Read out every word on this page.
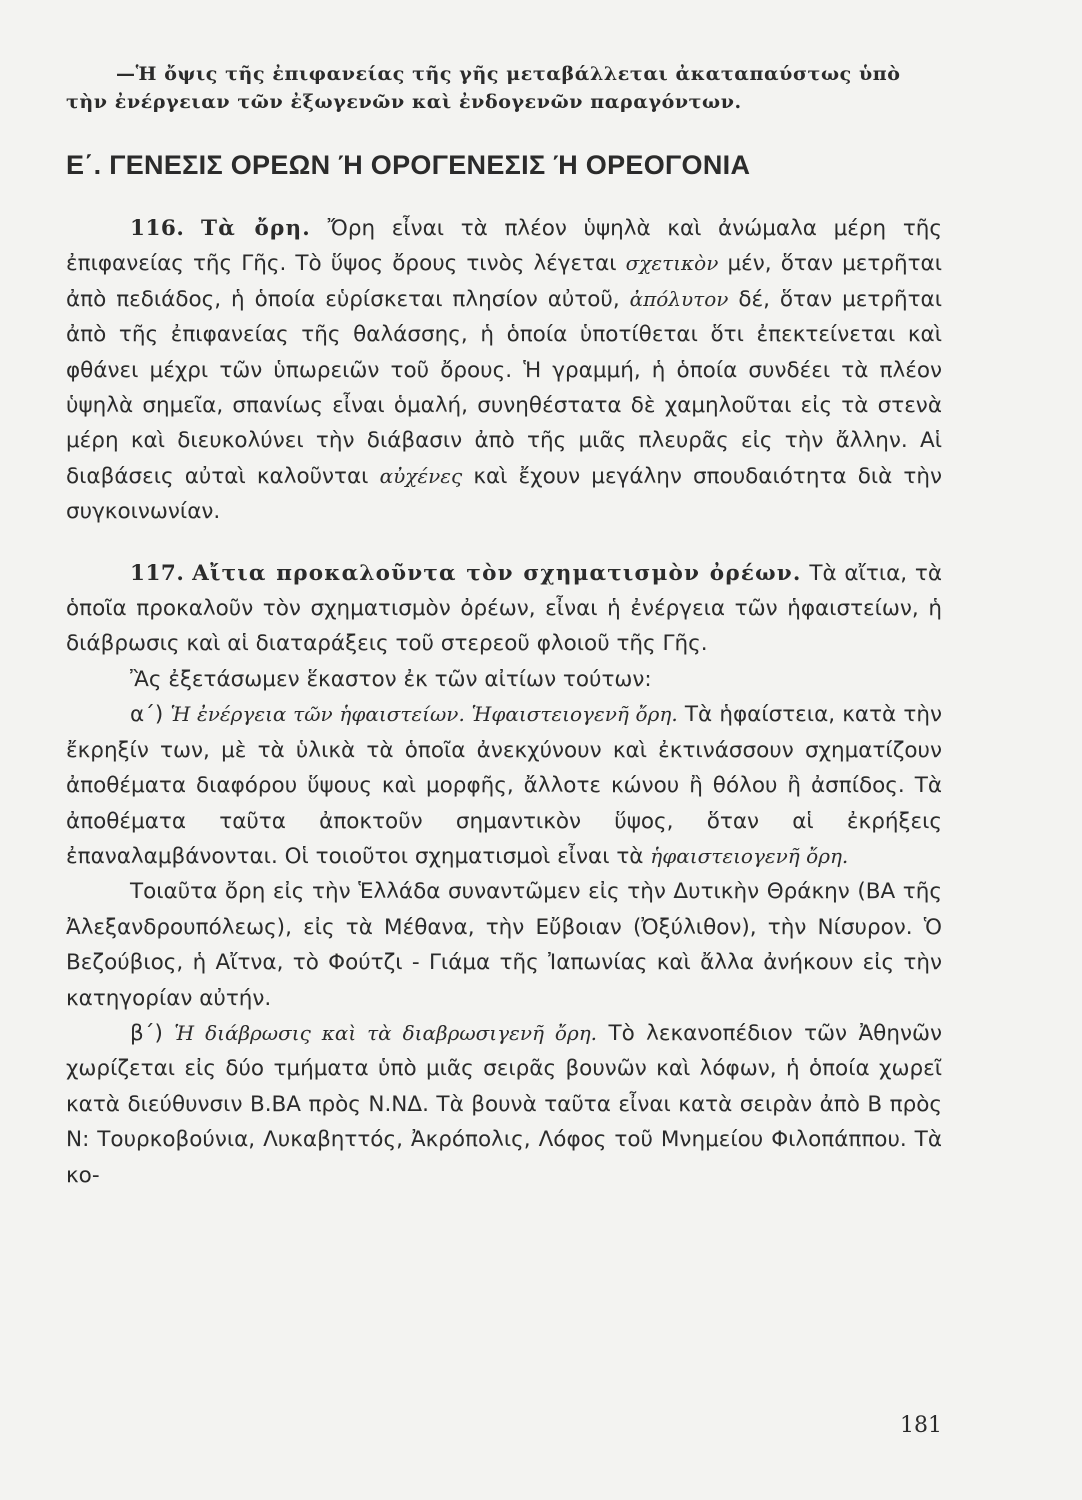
—Ἡ ὄψις τῆς ἐπιφανείας τῆς γῆς μεταβάλλεται ἀκαταπαύστως ὑπὸ
τὴν ἐνέργειαν τῶν ἐξωγενῶν καὶ ἐνδογενῶν παραγόντων.

Ε΄. ΓΕΝΕΣΙΣ ΟΡΕΩΝ Ή ΟΡΟΓΕΝΕΣΙΣ Ή ΟΡΕΟΓΟΝΙΑ

116. Τὰ ὄρη. Ὄρη εἶναι τὰ πλέον ὑψηλὰ καὶ ἀνώμαλα μέρη τῆς ἐπιφανείας τῆς Γῆς. Τὸ ὕψος ὄρους τινὸς λέγεται σχετικὸν μέν, ὅταν μετρῆται ἀπὸ πεδιάδος, ἡ ὁποία εὑρίσκεται πλησίον αὐτοῦ, ἀπόλυτον δέ, ὅταν μετρῆται ἀπὸ τῆς ἐπιφανείας τῆς θαλάσσης, ἡ ὁποία ὑποτίθεται ὅτι ἐπεκτείνεται καὶ φθάνει μέχρι τῶν ὑπωρειῶν τοῦ ὄρους. Ἡ γραμμή, ἡ ὁποία συνδέει τὰ πλέον ὑψηλὰ σημεῖα, σπανίως εἶναι ὁμαλή, συνηθέστατα δὲ χαμηλοῦται εἰς τὰ στενὰ μέρη καὶ διευκολύνει τὴν διάβασιν ἀπὸ τῆς μιᾶς πλευρᾶς εἰς τὴν ἄλλην. Αἱ διαβάσεις αὐταὶ καλοῦνται αὐχένες καὶ ἔχουν μεγάλην σπουδαιότητα διὰ τὴν συγκοινωνίαν.

117. Αἴτια προκαλοῦντα τὸν σχηματισμὸν ὀρέων. Τὰ αἴτια, τὰ ὁποῖα προκαλοῦν τὸν σχηματισμὸν ὀρέων, εἶναι ἡ ἐνέργεια τῶν ἡφαιστείων, ἡ διάβρωσις καὶ αἱ διαταράξεις τοῦ στερεοῦ φλοιοῦ τῆς Γῆς.

Ἂς ἐξετάσωμεν ἕκαστον ἐκ τῶν αἰτίων τούτων:

α΄) Ἡ ἐνέργεια τῶν ἡφαιστείων. Ἡφαιστειογενῆ ὄρη. Τὰ ἡφαίστεια, κατὰ τὴν ἔκρηξίν των, μὲ τὰ ὑλικὰ τὰ ὁποῖα ἀνεκχύνουν καὶ ἐκτινάσσουν σχηματίζουν ἀποθέματα διαφόρου ὕψους καὶ μορφῆς, ἄλλοτε κώνου ἢ θόλου ἢ ἀσπίδος. Τὰ ἀποθέματα ταῦτα ἀποκτοῦν σημαντικὸν ὕψος, ὅταν αἱ ἐκρήξεις ἐπαναλαμβάνονται. Οἱ τοιοῦτοι σχηματισμοὶ εἶναι τὰ ἡφαιστειογενῆ ὄρη.

Τοιαῦτα ὄρη εἰς τὴν Ἑλλάδα συναντῶμεν εἰς τὴν Δυτικὴν Θράκην (ΒΑ τῆς Ἀλεξανδρουπόλεως), εἰς τὰ Μέθανα, τὴν Εὔβοιαν (Ὀξύλιθον), τὴν Νίσυρον. Ὁ Βεζούβιος, ἡ Αἴτνα, τὸ Φούτζι - Γιάμα τῆς Ἰαπωνίας καὶ ἄλλα ἀνήκουν εἰς τὴν κατηγορίαν αὐτήν.

β΄) Ἡ διάβρωσις καὶ τὰ διαβρωσιγενῆ ὄρη. Τὸ λεκανοπέδιον τῶν Ἀθηνῶν χωρίζεται εἰς δύο τμήματα ὑπὸ μιᾶς σειρᾶς βουνῶν καὶ λόφων, ἡ ὁποία χωρεῖ κατὰ διεύθυνσιν Β.ΒΑ πρὸς Ν.ΝΔ. Τὰ βουνὰ ταῦτα εἶναι κατὰ σειρὰν ἀπὸ Β πρὸς Ν: Τουρκοβούνια, Λυκαβηττός, Ἀκρόπολις, Λόφος τοῦ Μνημείου Φιλοπάππου. Τὰ κο-

181
